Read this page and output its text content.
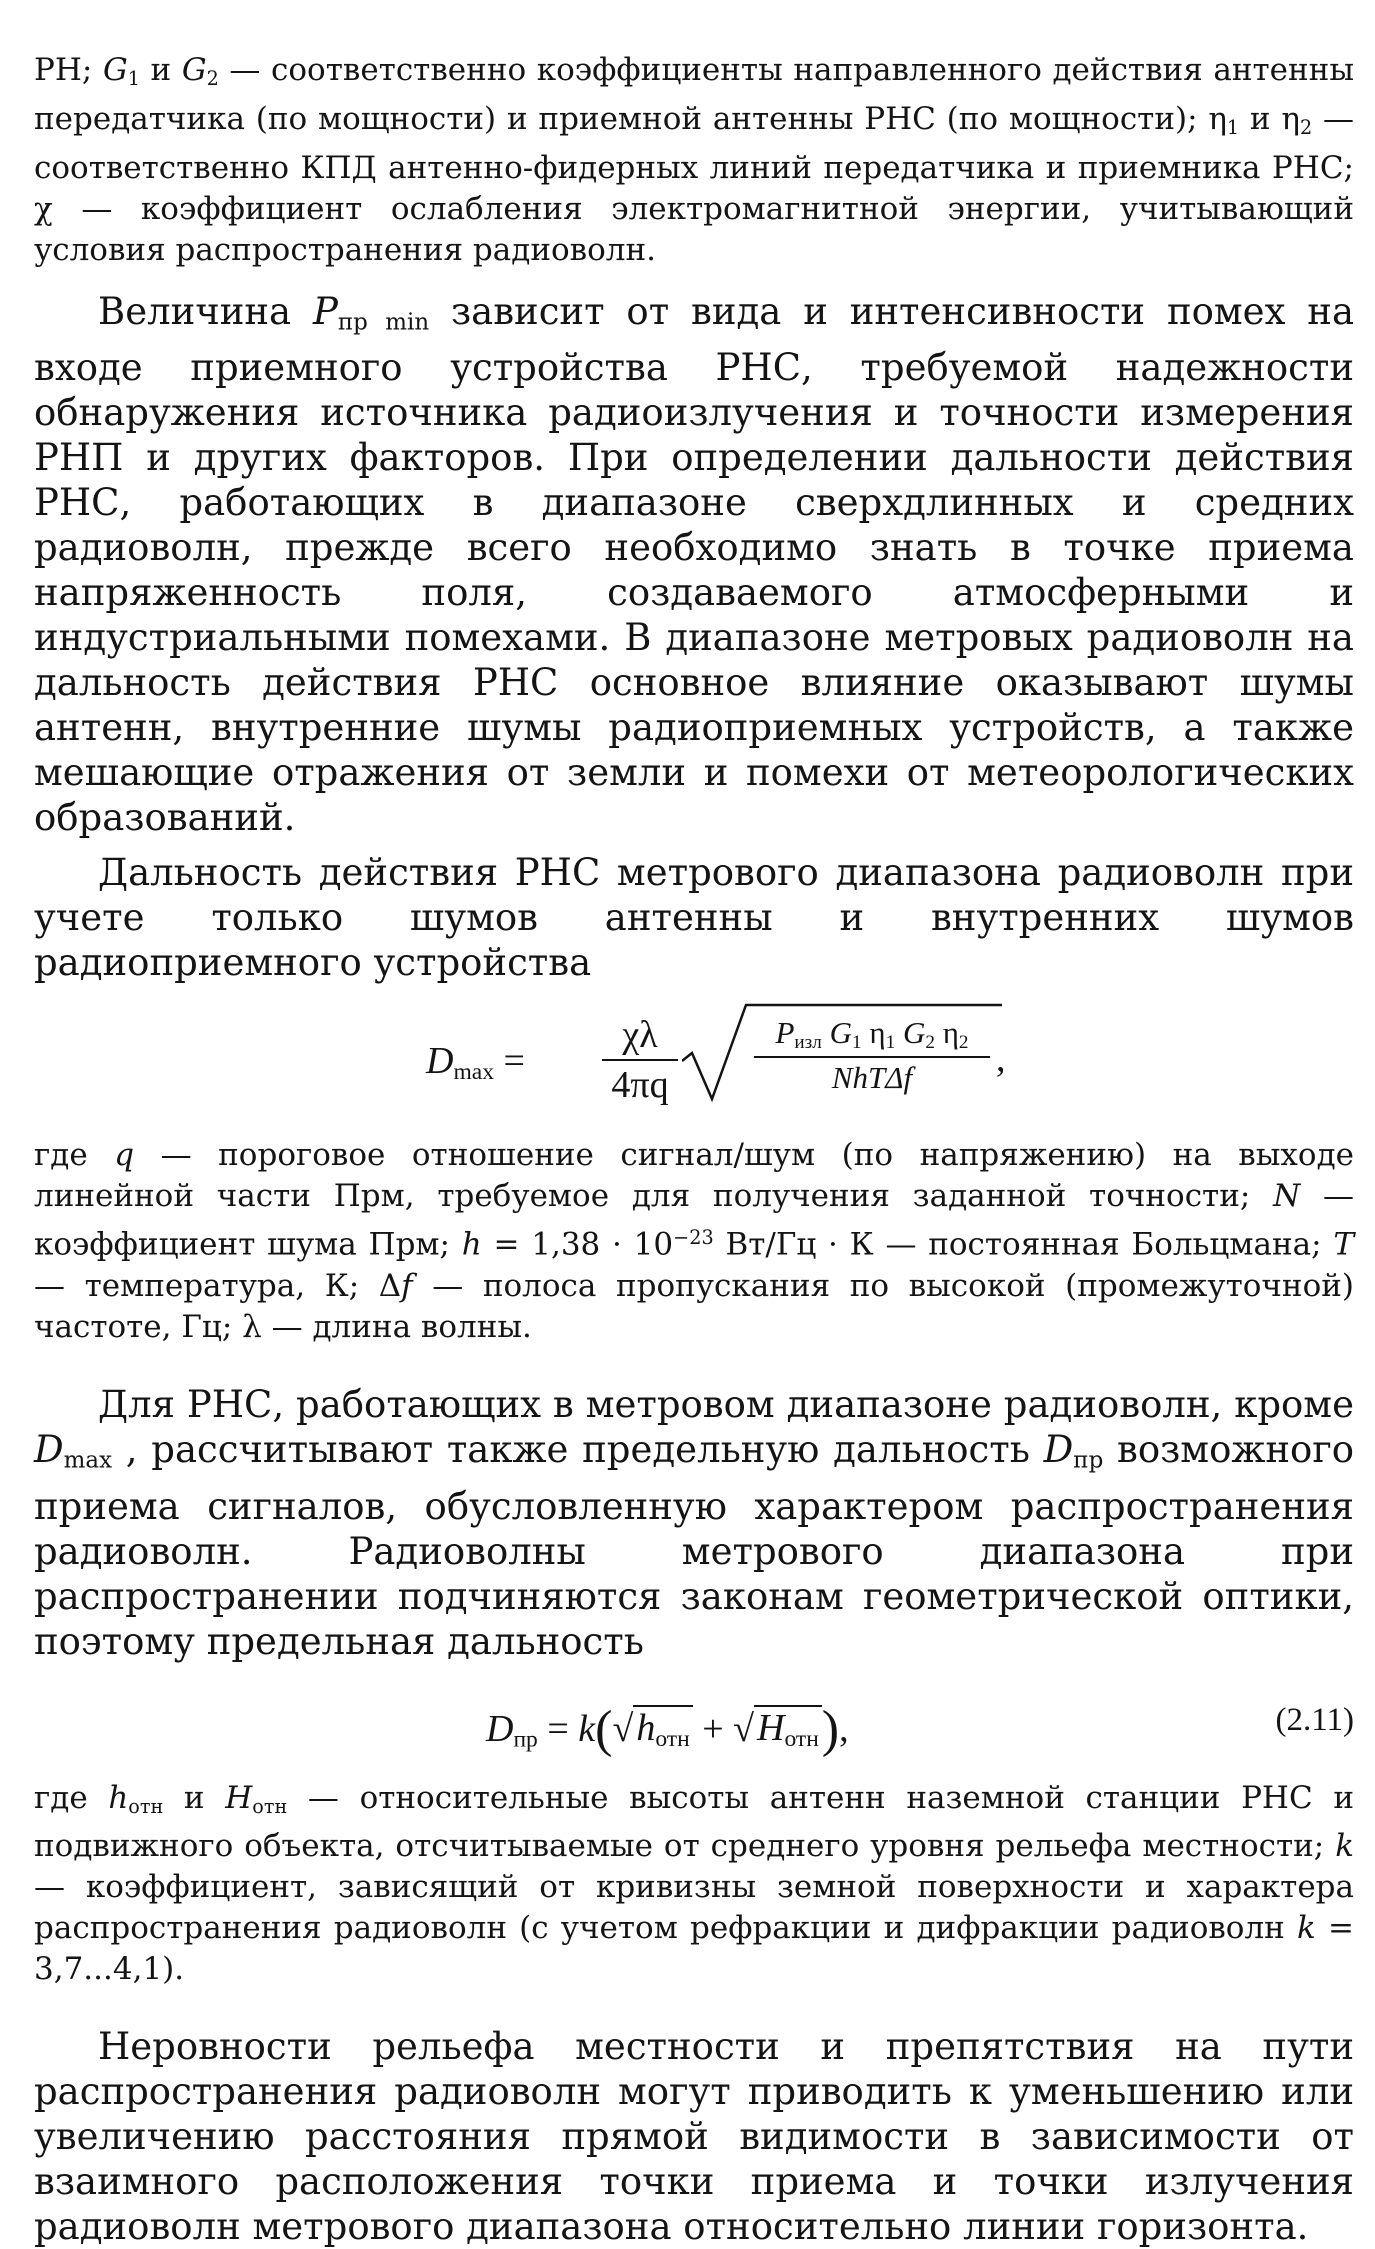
РН; $G_1$ и $G_2$ — соответственно коэффициенты направленного действия антенны передатчика (по мощности) и приемной антенны РНС (по мощности); $\eta_1$ и $\eta_2$ — соответственно КПД антенно-фидерных линий передатчика и приемника РНС; χ — коэффициент ослабления электромагнитной энергии, учитывающий условия распространения радиоволн.

Величина $P_{пр min}$ зависит от вида и интенсивности помех на входе приемного устройства РНС, требуемой надежности обнаружения источника радиоизлучения и точности измерения РНП и других факторов. При определении дальности действия РНС, работающих в диапазоне сверхдлинных и средних радиоволн, прежде всего необходимо знать в точке приема напряженность поля, создаваемого атмосферными и индустриальными помехами. В диапазоне метровых радиоволн на дальность действия РНС основное влияние оказывают шумы антенн, внутренние шумы радиоприемных устройств, а также мешающие отражения от земли и помехи от метеорологических образований.

Дальность действия РНС метрового диапазона радиоволн при учете только шумов антенны и внутренних шумов радиоприемного устройства

$D_{max}$ =
χλ
4πq
$P_{изл}$ $G_1$ $\eta_1$ $G_2$ $\eta_2$
NhTΔf	,

где q — пороговое отношение сигнал/шум (по напряжению) на выходе линейной части Прм, требуемое для получения заданной точности; N — коэффициент шума Прм; $h = 1,38 \cdot 10^{-23}$ Вт/Гц · К — постоянная Больцмана; T — температура, К; Δf — полоса пропускания по высокой (промежуточной) частоте, Гц; λ — длина волны.

Для РНС, работающих в метровом диапазоне радиоволн, кроме $D_{max}$ , рассчитывают также предельную дальность $D_{пр}$ возможного приема сигналов, обусловленную характером распространения радиоволн. Радиоволны метрового диапазона при распространении подчиняются законам геометрической оптики, поэтому предельная дальность

$D_{пр} = k(√h_{отн} + √H_{отн})$,	(2.11)

где $h_{отн}$ и $H_{отн}$ — относительные высоты антенн наземной станции РНС и подвижного объекта, отсчитываемые от среднего уровня рельефа местности; k — коэффициент, зависящий от кривизны земной поверхности и характера распространения радиоволн (с учетом рефракции и дифракции радиоволн k = 3,7...4,1).

Неровности рельефа местности и препятствия на пути распространения радиоволн могут приводить к уменьшению или увеличению расстояния прямой видимости в зависимости от взаимного расположения точки приема и точки излучения радиоволн метрового диапазона относительно линии горизонта.
